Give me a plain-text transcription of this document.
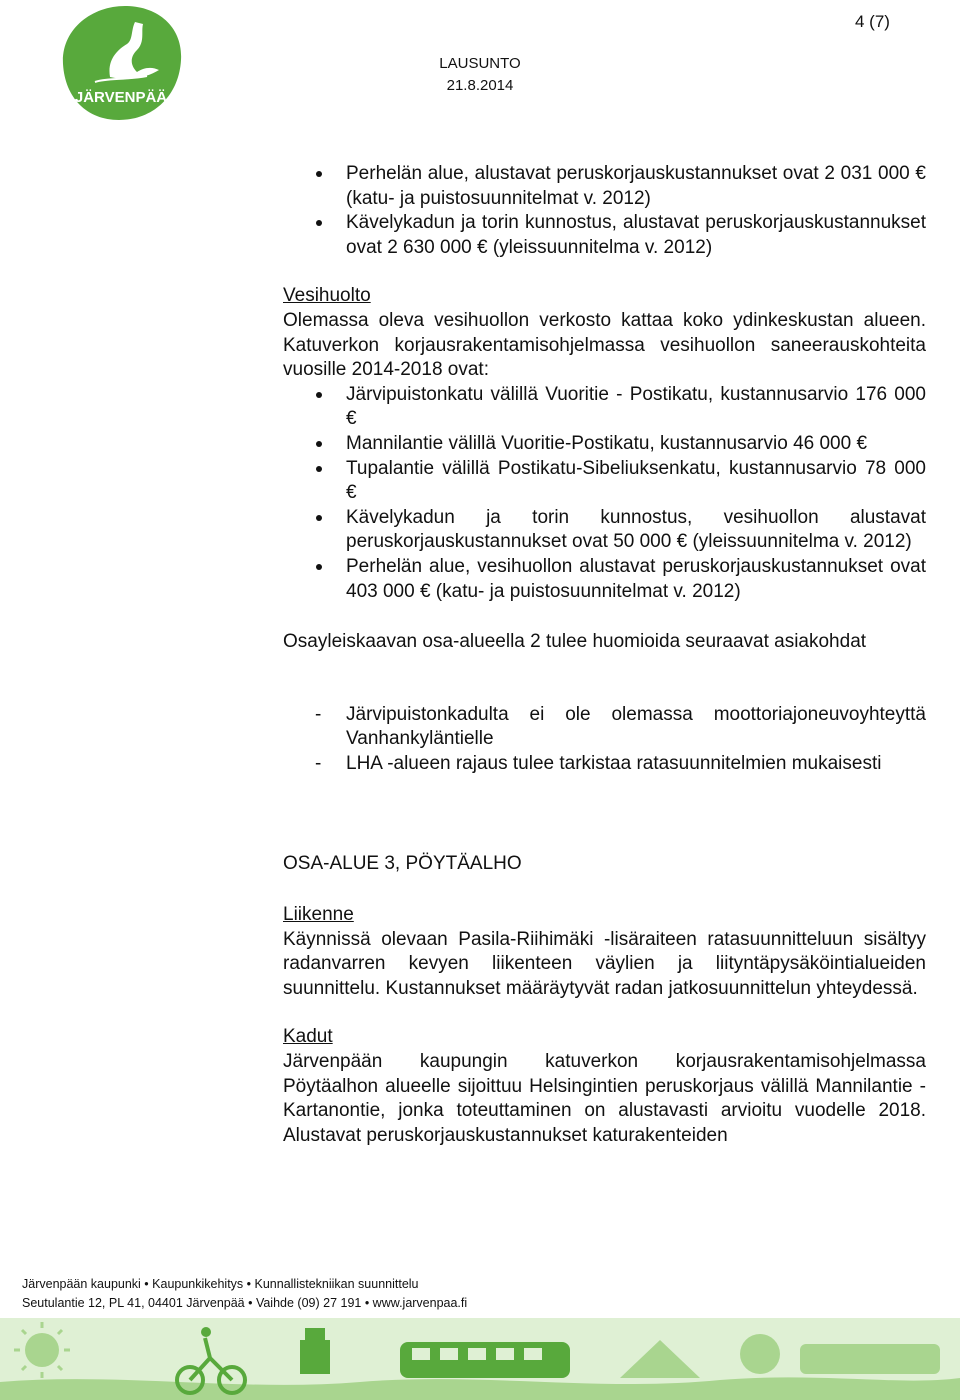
JÄRVENPÄÄ
4 (7)
LAUSUNTO
21.8.2014
Perhelän alue, alustavat peruskorjauskustannukset ovat 2 031 000 € (katu- ja puistosuunnitelmat v. 2012)
Kävelykadun ja torin kunnostus, alustavat peruskorjauskustannukset ovat 2 630 000 € (yleissuunnitelma v. 2012)

Vesihuolto

Olemassa oleva vesihuollon verkosto kattaa koko ydinkeskustan alueen. Katuverkon korjausrakentamisohjelmassa vesihuollon saneerauskohteita vuosille 2014-2018 ovat:

Järvipuistonkatu välillä Vuoritie - Postikatu, kustannusarvio 176 000 €
Mannilantie välillä Vuoritie-Postikatu, kustannusarvio 46 000 €
Tupalantie välillä Postikatu-Sibeliuksenkatu, kustannusarvio 78 000 €
Kävelykadun ja torin kunnostus, vesihuollon alustavat peruskorjauskustannukset ovat 50 000 € (yleissuunnitelma v. 2012)
Perhelän alue, vesihuollon alustavat peruskorjauskustannukset ovat 403 000 € (katu- ja puistosuunnitelmat v. 2012)

Osayleiskaavan osa-alueella 2 tulee huomioida seuraavat asiakohdat

- Järvipuistonkadulta ei ole olemassa moottoriajoneuvoyhteyttä Vanhankyläntielle
- LHA -alueen rajaus tulee tarkistaa ratasuunnitelmien mukaisesti

OSA-ALUE 3, PÖYTÄALHO

Liikenne

Käynnissä olevaan Pasila-Riihimäki -lisäraiteen ratasuunnitteluun sisältyy radanvarren kevyen liikenteen väylien ja liityntäpysäköintialueiden suunnittelu. Kustannukset määräytyvät radan jatkosuunnittelun yhteydessä.

Kadut

Järvenpään kaupungin katuverkon korjausrakentamisohjelmassa Pöytäalhon alueelle sijoittuu Helsingintien peruskorjaus välillä Mannilantie - Kartanontie, jonka toteuttaminen on alustavasti arvioitu vuodelle 2018. Alustavat peruskorjauskustannukset katurakenteiden

Järvenpään kaupunki • Kaupunkikehitys • Kunnallistekniikan suunnittelu
Seutulantie 12, PL 41, 04401 Järvenpää • Vaihde (09) 27 191 • www.jarvenpaa.fi
